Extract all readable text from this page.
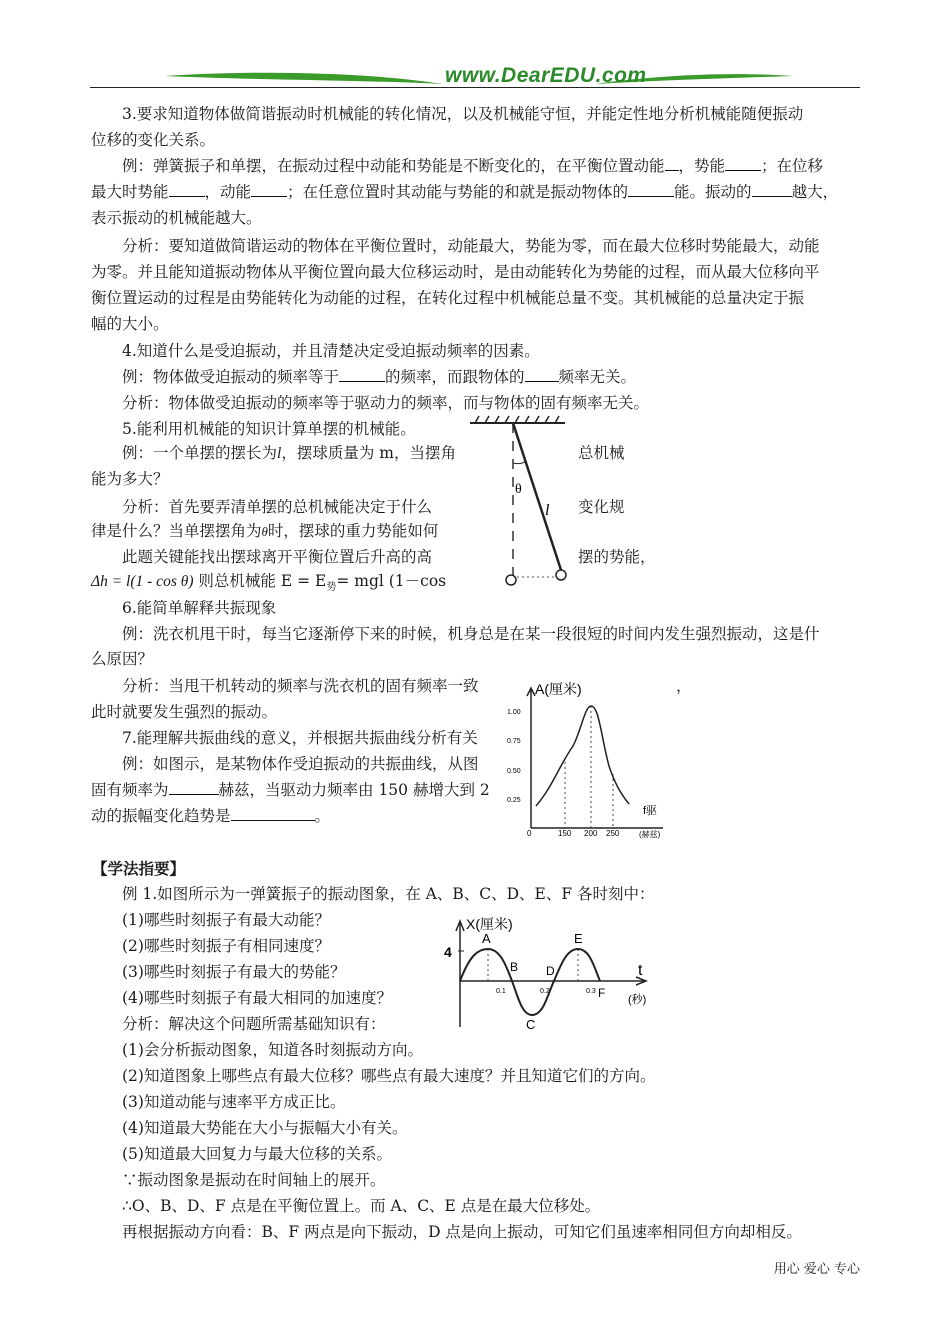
www.DearEDU.com
3.要求知道物体做简谐振动时机械能的转化情况，以及机械能守恒，并能定性地分析机械能随便振动
位移的变化关系。
例：弹簧振子和单摆，在振动过程中动能和势能是不断变化的，在平衡位置动能 ，势能 ；在位移
最大时势能 ，动能 ；在任意位置时其动能与势能的和就是振动物体的	能。振动的	越大，
表示振动的机械能越大。
分析：要知道做简谐运动的物体在平衡位置时，动能最大，势能为零，而在最大位移时势能最大，动能
为零。并且能知道振动物体从平衡位置向最大位移运动时，是由动能转化为势能的过程，而从最大位移向平
衡位置运动的过程是由势能转化为动能的过程，在转化过程中机械能总量不变。其机械能的总量决定于振
幅的大小。
4.知道什么是受迫振动，并且清楚决定受迫振动频率的因素。
例：物体做受迫振动的频率等于	的频率，而跟物体的 频率无关。
分析：物体做受迫振动的频率等于驱动力的频率，而与物体的固有频率无关。
5.能利用机械能的知识计算单摆的机械能。
例：一个单摆的摆长为l，摆球质量为 m，当摆角	总机械
能为多大？
分析：首先要弄清单摆的总机械能决定于什么	变化规
律是什么？当单摆摆角为θ时，摆球的重力势能如何
此题关键能找出摆球离开平衡位置后升高的高	摆的势能，
Δh = l(1 - cos θ) 则总机械能 $E = E_势=$ mgl (1－cos
θ
l
6.能简单解释共振现象
例：洗衣机甩干时，每当它逐渐停下来的时候，机身总是在某一段很短的时间内发生强烈振动，这是什
么原因？
分析：当甩干机转动的频率与洗衣机的固有频率一致	，
此时就要发生强烈的振动。
7.能理解共振曲线的意义，并根据共振曲线分析有关
例：如图示，是某物体作受迫振动的共振曲线，从图
固有频率为	赫兹，当驱动力频率由 150 赫增大到 2
动的振幅变化趋势是	。
A(厘米)
1.00
0.75
0.50
0.25
0	150 200 250
f驱
(赫兹)
【学法指要】
例 1.如图所示为一弹簧振子的振动图象，在 A、B、C、D、E、F 各时刻中：
(1)哪些时刻振子有最大动能？
(2)哪些时刻振子有相同速度？
(3)哪些时刻振子有最大的势能？
(4)哪些时刻振子有最大相同的加速度？
分析：解决这个问题所需基础知识有：
(1)会分析振动图象，知道各时刻振动方向。
(2)知道图象上哪些点有最大位移？哪些点有最大速度？并且知道它们的方向。
(3)知道动能与速率平方成正比。
(4)知道最大势能在大小与振幅大小有关。
(5)知道最大回复力与最大位移的关系。
∵振动图象是振动在时间轴上的展开。
∴O、B、D、F 点是在平衡位置上。而 A、C、E 点是在最大位移处。
再根据振动方向看：B、F 两点是向下振动，D 点是向上振动，可知它们虽速率相同但方向却相反。
X(厘米)
4
A
B
C
D
E
F
0.1	0.2	0.3
t
(秒)
用心 爱心 专心
